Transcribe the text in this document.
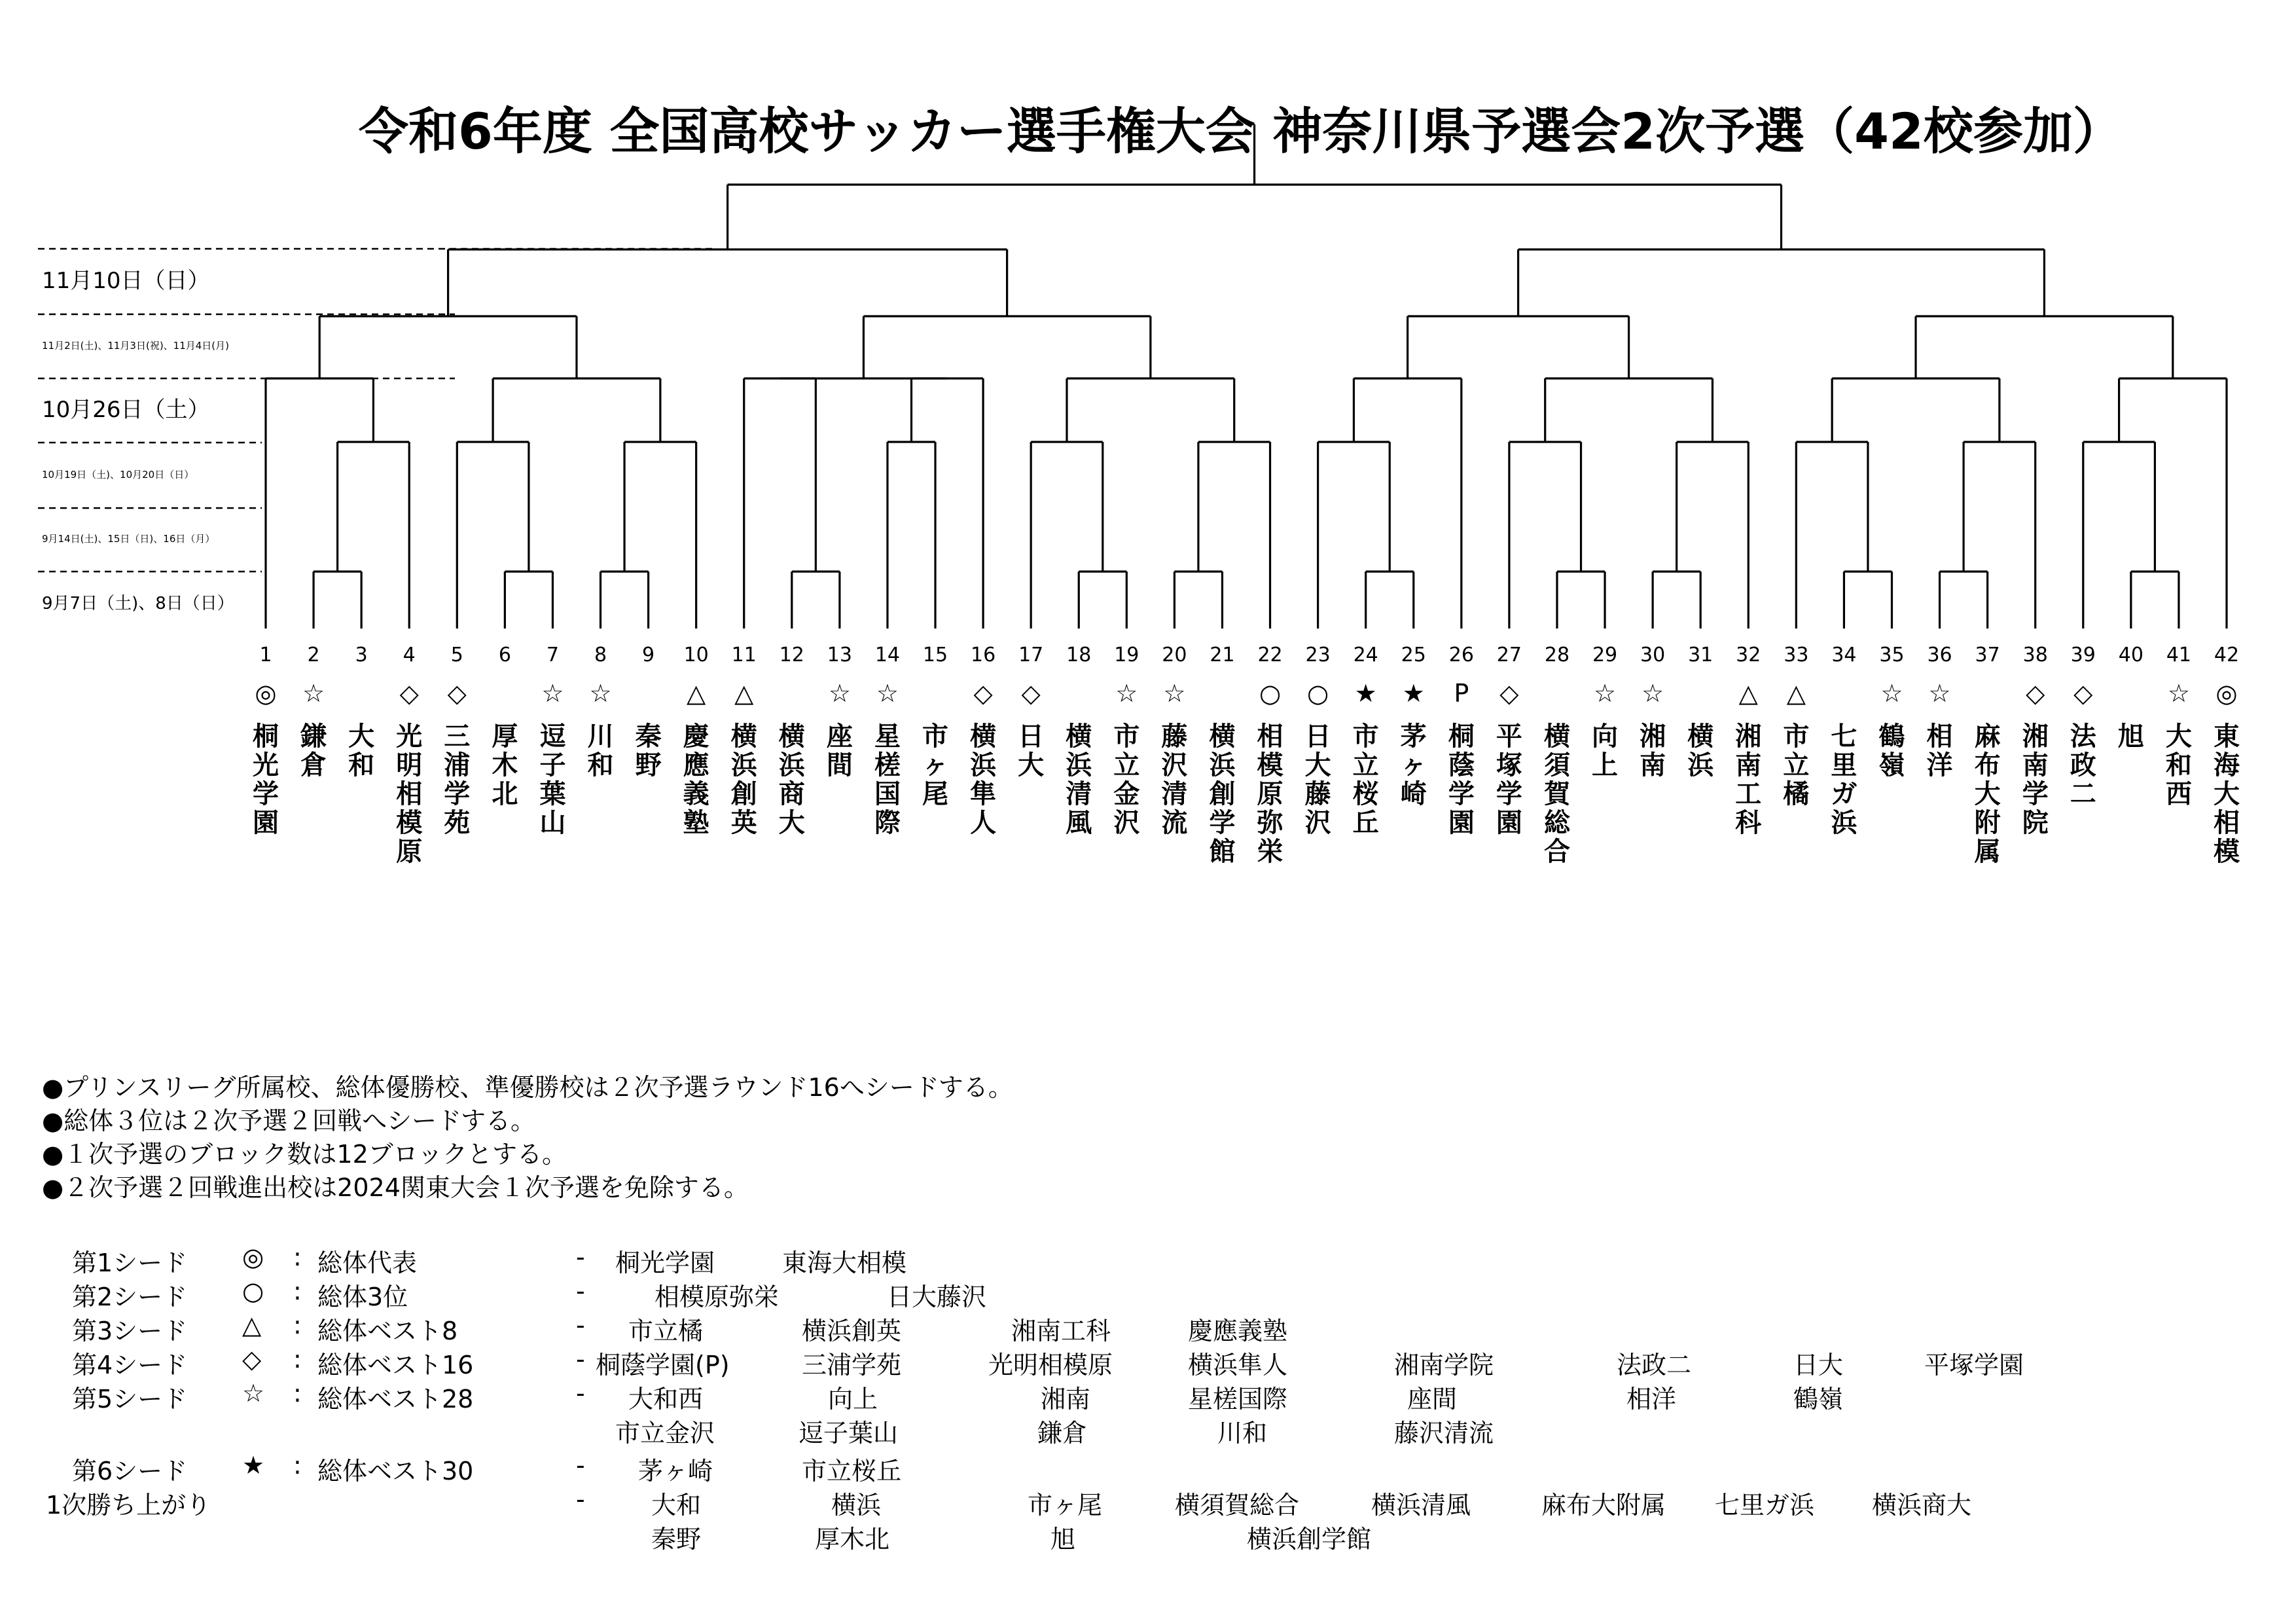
令和6年度 全国高校サッカー選手権大会 神奈川県予選会2次予選（42校参加）
11月10日（日）
11月2日(土)、11月3日(祝)、11月4日(月)
10月26日（土）
10月19日（土)、10月20日（日）
9月14日(土)、15日（日)、16日（月）
9月7日（土)、8日（日）
1
◎
桐
光
学
園
2
☆
鎌
倉
3
大
和
4
◇
光
明
相
模
原
5
◇
三
浦
学
苑
6
厚
木
北
7
☆
逗
子
葉
山
8
☆
川
和
9
秦
野
10
△
慶
應
義
塾
11
△
横
浜
創
英
12
横
浜
商
大
13
☆
座
間
14
☆
星
槎
国
際
15
市
ヶ
尾
16
◇
横
浜
隼
人
17
◇
日
大
18
横
浜
清
風
19
☆
市
立
金
沢
20
☆
藤
沢
清
流
21
横
浜
創
学
館
22
○
相
模
原
弥
栄
23
○
日
大
藤
沢
24
★
市
立
桜
丘
25
★
茅
ヶ
崎
26
P
桐
蔭
学
園
27
◇
平
塚
学
園
28
横
須
賀
総
合
29
☆
向
上
30
☆
湘
南
31
横
浜
32
△
湘
南
工
科
33
△
市
立
橘
34
七
里
ガ
浜
35
☆
鶴
嶺
36
☆
相
洋
37
麻
布
大
附
属
38
◇
湘
南
学
院
39
◇
法
政
二
40
旭
41
☆
大
和
西
42
◎
東
海
大
相
模
●プリンスリーグ所属校、総体優勝校、準優勝校は２次予選ラウンド16へシードする。
●総体３位は２次予選２回戦へシードする。
●１次予選のブロック数は12ブロックとする。
●２次予選２回戦進出校は2024関東大会１次予選を免除する。
第1シード ◎ : 総体代表	- 桐光学園	東海大相模
第2シード ○ : 総体3位	-	相模原弥栄	日大藤沢
第3シード △ : 総体ベスト8	- 市立橘	横浜創英	湘南工科	慶應義塾
第4シード ◇ : 総体ベスト16	- 桐蔭学園(P)	三浦学苑	光明相模原	横浜隼人	湘南学院	法政二	日大	平塚学園
第5シード ☆ : 総体ベスト28	- 大和西	向上	湘南	星槎国際	座間	相洋	鶴嶺
市立金沢	逗子葉山	鎌倉	川和	藤沢清流
第6シード ★ : 総体ベスト30	- 茅ヶ崎	市立桜丘
1次勝ち上がり	-	大和	横浜	市ヶ尾	横須賀総合	横浜清風	麻布大附属 七里ガ浜 横浜商大
秦野	厚木北	旭	横浜創学館
